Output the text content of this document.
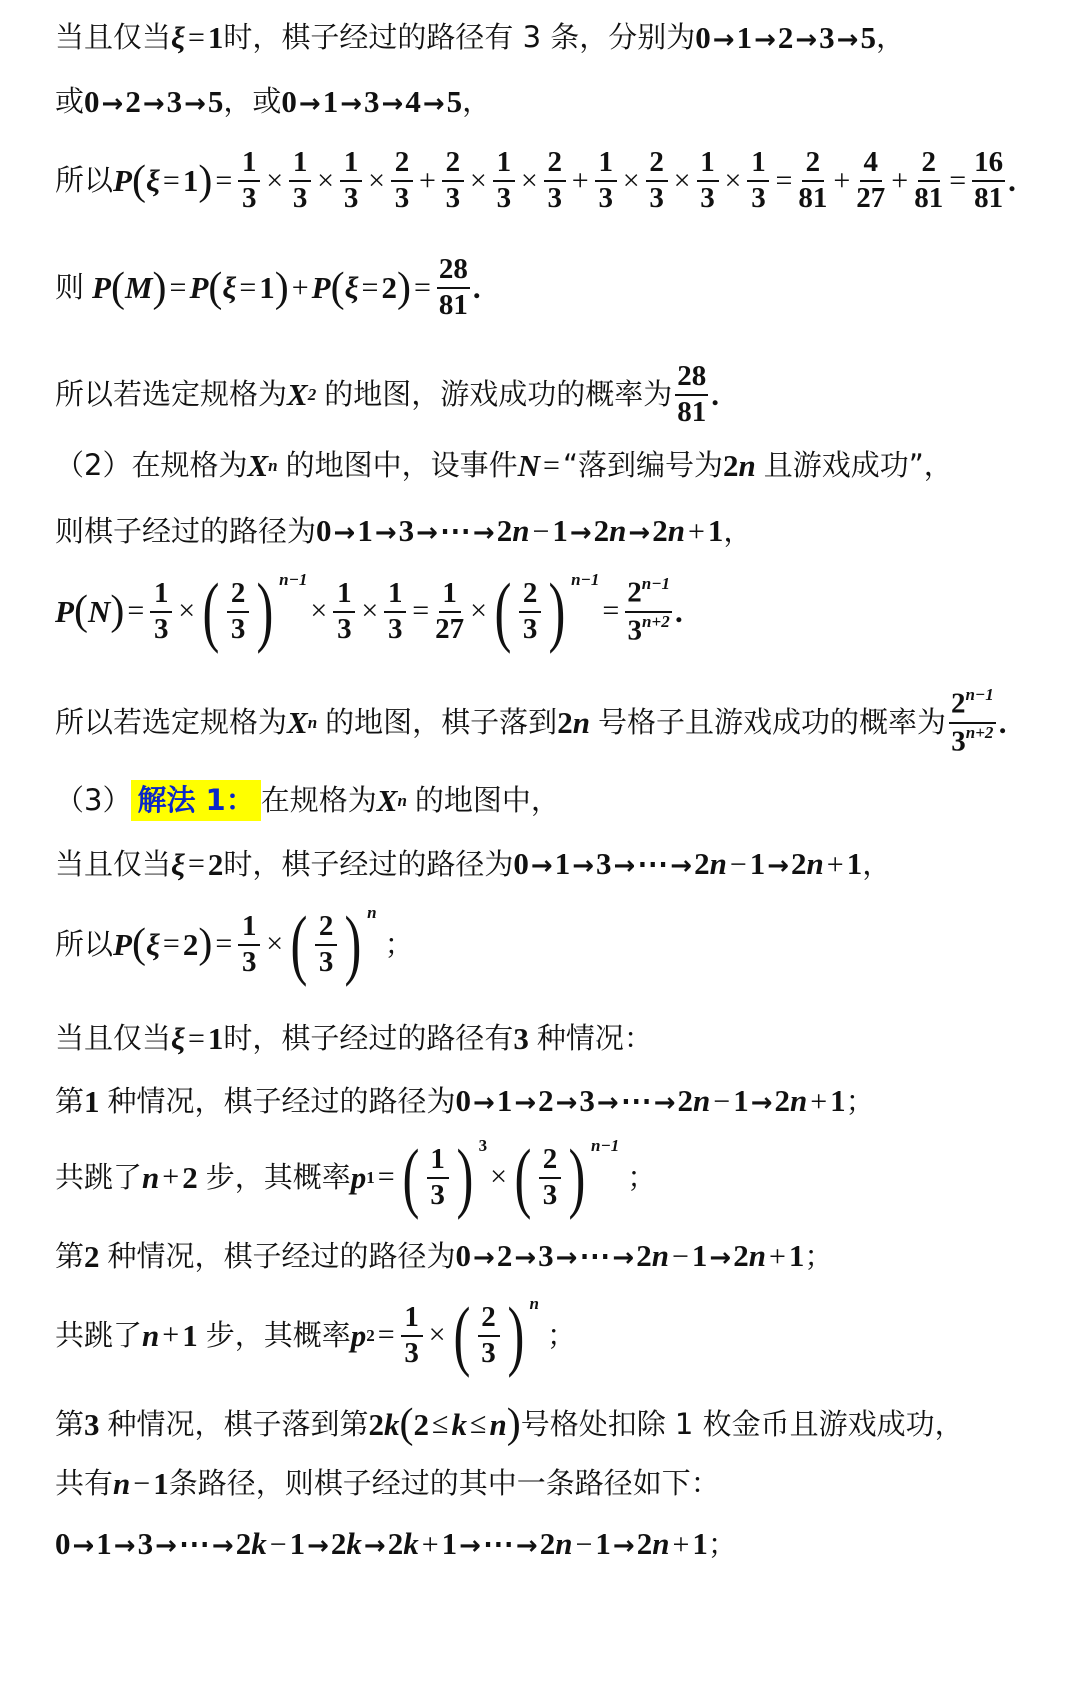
当且仅当 ξ = 1 时，棋子经过的路径有 3 条，分别为 0→1→2→3→5 ，
或 0→2→3→5 ，或 0→1→3→4→5 ，
所以 P ( ξ = 1 ) = $\frac{1}{3} \times \frac{1}{3} \times \frac{1}{3} \times \frac{2}{3} + \frac{2}{3} \times \frac{1}{3} \times \frac{2}{3} + \frac{1}{3} \times \frac{2}{3} \times \frac{1}{3} \times \frac{1}{3} = \frac{2}{81} + \frac{4}{27} + \frac{2}{81} = \frac{16}{81}$ .
则 P ( M ) = P ( ξ = 1 ) + P ( ξ = 2 ) = $\frac{28}{81}$ .
所以若选定规格为 X 2 的地图，游戏成功的概率为 $\frac{28}{81}$ .
（2）在规格为 X n 的地图中，设事件 N = “落到编号为 2 n 且游戏成功”，
则棋子经过的路径为 0→1→3→⋯→2n −1→2n→2n +1 ，
P ( N ) = $\frac{1}{3}$ × ( $\frac{2}{3}$ ) n−1
× $\frac{1}{3} \times \frac{1}{3} = \frac{1}{27}$ × ( $\frac{2}{3}$ ) n−1
= $\frac{2^{n-1}}{3^{n+2}}$ .
所以若选定规格为 X n 的地图，棋子落到 2 n 号格子且游戏成功的概率为 $\frac{2^{n-1}}{3^{n+2}}$ .
（3） 解法 1： 在规格为 X n 的地图中，
当且仅当 ξ = 2 时，棋子经过的路径为 0→1→3→⋯→2n −1→2n +1 ，
所以 P ( ξ = 2 ) = $\frac{1}{3}$ × ( $\frac{2}{3}$ ) n
；
当且仅当 ξ = 1 时，棋子经过的路径有 3 种情况：
第 1 种情况，棋子经过的路径为 0→1→2→3→⋯→2n −1→2n +1 ；
共跳了 n + 2 步，其概率 p 1 = ( $\frac{1}{3}$ ) 3
× ( $\frac{2}{3}$ ) n−1
；
第 2 种情况，棋子经过的路径为 0→2→3→⋯→2n −1→2n +1 ；
共跳了 n + 1 步，其概率 p $2 = \frac{1}{3}$ × ( $\frac{2}{3}$ ) n
；
第 3 种情况，棋子落到第 2 k ( 2 ≤ k ≤ n ) 号格处扣除 1 枚金币且游戏成功，
共有 n − 1 条路径，则棋子经过的其中一条路径如下：
0→1→3→⋯→2k −1→2k→2k +1→⋯→2n −1→2n +1 ；
